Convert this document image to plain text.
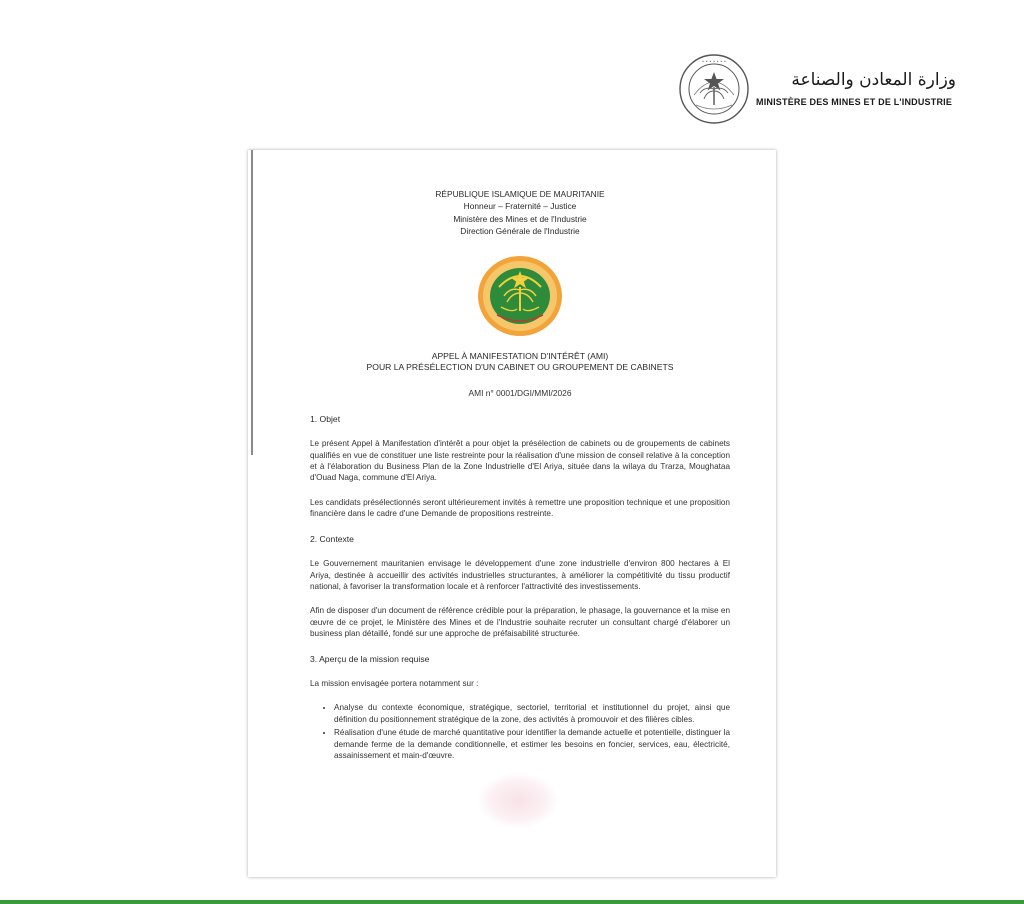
• • • • • • •
وزارة المعادن والصناعة
MINISTÈRE DES MINES ET DE L'INDUSTRIE
RÉPUBLIQUE ISLAMIQUE DE MAURITANIE
Honneur – Fraternité – Justice
Ministère des Mines et de l'Industrie
Direction Générale de l'Industrie
APPEL À MANIFESTATION D'INTÉRÊT (AMI)
POUR LA PRÉSÉLECTION D'UN CABINET OU GROUPEMENT DE CABINETS
AMI n° 0001/DGI/MMI/2026
1. Objet

Le présent Appel à Manifestation d'intérêt a pour objet la présélection de cabinets ou de groupements de cabinets qualifiés en vue de constituer une liste restreinte pour la réalisation d'une mission de conseil relative à la conception et à l'élaboration du Business Plan de la Zone Industrielle d'El Ariya, située dans la wilaya du Trarza, Moughataa d'Ouad Naga, commune d'El Ariya.

Les candidats présélectionnés seront ultérieurement invités à remettre une proposition technique et une proposition financière dans le cadre d'une Demande de propositions restreinte.

2. Contexte

Le Gouvernement mauritanien envisage le développement d'une zone industrielle d'environ 800 hectares à El Ariya, destinée à accueillir des activités industrielles structurantes, à améliorer la compétitivité du tissu productif national, à favoriser la transformation locale et à renforcer l'attractivité des investissements.

Afin de disposer d'un document de référence crédible pour la préparation, le phasage, la gouvernance et la mise en œuvre de ce projet, le Ministère des Mines et de l'Industrie souhaite recruter un consultant chargé d'élaborer un business plan détaillé, fondé sur une approche de préfaisabilité structurée.

3. Aperçu de la mission requise
La mission envisagée portera notamment sur :
• Analyse du contexte économique, stratégique, sectoriel, territorial et institutionnel du projet, ainsi que définition du positionnement stratégique de la zone, des activités à promouvoir et des filières cibles.
• Réalisation d'une étude de marché quantitative pour identifier la demande actuelle et potentielle, distinguer la demande ferme de la demande conditionnelle, et estimer les besoins en foncier, services, eau, électricité, assainissement et main-d'œuvre.
